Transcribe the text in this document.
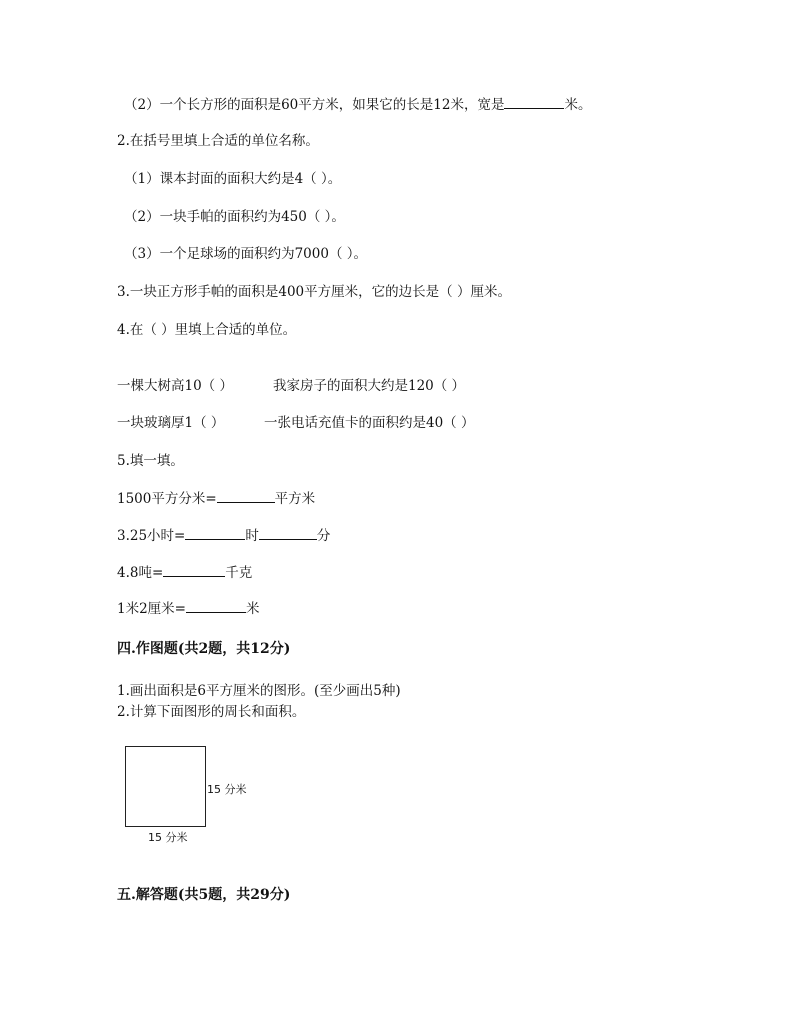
（2）一个长方形的面积是60平方米，如果它的长是12米，宽是	米。
2.在括号里填上合适的单位名称。
（1）课本封面的面积大约是4（ ）。
（2）一块手帕的面积约为450（ ）。
（3）一个足球场的面积约为7000（ ）。
3.一块正方形手帕的面积是400平方厘米，它的边长是（ ）厘米。
4.在（ ）里填上合适的单位。
一棵大树高10（ ）	我家房子的面积大约是120（ ）
一块玻璃厚1（ ）	一张电话充值卡的面积约是40（ ）
5.填一填。
1500平方分米=	平方米
3.25小时=	时	分
4.8吨=	千克
1米2厘米=	米
四.作图题(共2题，共12分)
1.画出面积是6平方厘米的图形。(至少画出5种)
2.计算下面图形的周长和面积。
15 分米
15 分米
五.解答题(共5题，共29分)
